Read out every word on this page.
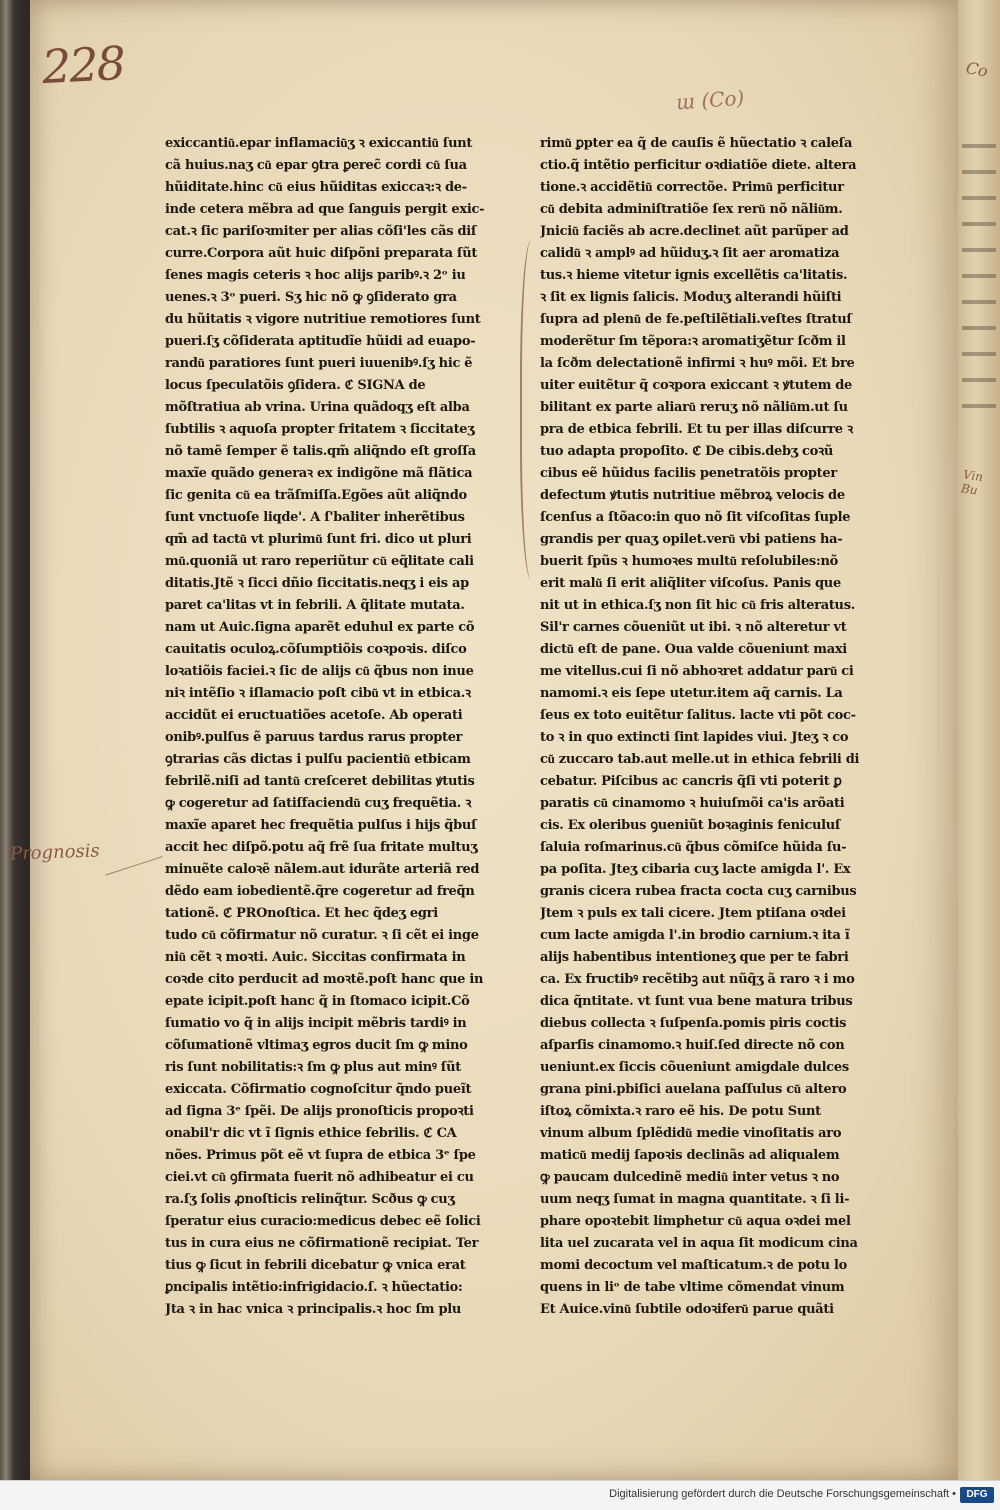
228
ɯ (Co)
Prognosis
Vin Bu
Co
exiccantiu͂.epar inflamaciu͂ʒ ꝛ exiccantiu͂ ſunt
cã huius.naʒ cu͂ epar ꝯtra ꝑerec̃ cordi cu͂ ſua
hũiditate.hinc cu͂ eius hũiditas exiccaꝛ:ꝛ de-
inde cetera mẽbra ad que ſanguis pergit exic-
cat.ꝛ ſic pariſoꝛmiter per alias cõſi'les cãs diſ
curre.Corpora aũt huic diſpõni preparata ſũt
ſenes magis ceteris ꝛ hoc alijs paribꝰ.ꝛ 2ᵒ iu
uenes.ꝛ 3ᵒ pueri. Sʒ hic nõ ꝙ ꝯſiderato gra
du hũitatis ꝛ vigore nutritiue remotiores ſunt
pueri.ſʒ cõſiderata aptitudĩe hũidi ad euapo-
randu͂ paratiores ſunt pueri iuuenibꝰ.ſʒ hic ẽ
locus ſpeculatõis ꝯſidera. ℭ SIGNA de
mõſtratiua ab vrina. Urina quãdoqʒ eſt alba
ſubtilis ꝛ aquoſa propter fritatem ꝛ ſiccitateʒ
nõ tamẽ ſemper ẽ talis.qm̃ aliq̃ndo eſt groſſa
maxĩe quãdo generaꝛ ex indigõne mã flãtica
ſic genita cu͂ ea trãſmiſſa.Egões aũt aliq̃ndo
ſunt vnctuoſe liqde'. A ſ'baliter inherẽtibus
qm̃ ad tactu͂ vt plurimu͂ ſunt fri. dico ut pluri
mu͂.quoniã ut raro reperiũtur cu͂ eq̃litate cali
ditatis.Jtẽ ꝛ ſicci dñio ſiccitatis.neqʒ i eis ap
paret ca'litas vt in febrili. A q̃litate mutata.
nam ut Auic.ſigna aparẽt eduhul ex parte cõ
cauitatis oculoꝝ.cõſumptiõis coꝛpoꝛis. diſco
loꝛatiõis faciei.ꝛ ſic de alijs cu͂ q̃bus non inue
niꝛ intẽſio ꝛ iſlamacio poſt cibu͂ vt in etbica.ꝛ
accidũt ei eructuatiões acetoſe. Ab operati
onibꝰ.pulſus ẽ paruus tardus rarus propter
ꝯtrarias cãs dictas i pulſu pacientiu͂ etbicam
febrilẽ.niſi ad tantu͂ creſceret debilitas ꝟtutis
ꝙ cogeretur ad ſatiſfaciendu͂ cuʒ frequẽtia. ꝛ
maxĩe aparet hec frequẽtia pulſus i hijs q̃buſ
accit hec diſpõ.potu aq̃ frẽ ſua fritate multuʒ
minuẽte caloꝛẽ nãlem.aut idurãte arteriã red
dẽdo eam iobedientẽ.q̃re cogeretur ad freq̃n
tationẽ. ℭ PROnoſtica. Et hec q̃deʒ egri
tudo cu͂ cõfirmatur nõ curatur. ꝛ ſi cẽt ei inge
niu͂ cẽt ꝛ moꝛti. Auic. Siccitas confirmata in
coꝛde cito perducit ad moꝛtẽ.poſt hanc que in
epate icipit.poſt hanc q̃ in ſtomaco icipit.Cõ
ſumatio vo q̃ in alijs incipit mẽbris tardiꝰ in
cõſumationẽ vltimaʒ egros ducit ſm ꝙ mino
ris ſunt nobilitatis:ꝛ ſm ꝙ plus aut minꝰ ſũt
exiccata. Cõfirmatio cognoſcitur q̃ndo pueĩt
ad ſigna 3ᵉ ſpẽi. De alijs pronoſticis propoꝛti
onabil'r dic vt ĩ ſignis ethice febrilis. ℭ CA
nões. Primus põt eẽ vt ſupra de etbica 3ᵉ ſpe
ciei.vt cu͂ ꝯfirmata fuerit nõ adhibeatur ei cu
ra.ſʒ ſolis ꝓnoſticis relinq̃tur. Scðus ꝙ cuʒ
ſperatur eius curacio:medicus debec eẽ ſolici
tus in cura eius ne cõfirmationẽ recipiat. Ter
tius ꝙ ſicut in febrili dicebatur ꝙ vnica erat
ꝑncipalis intẽtio:infrigidacio.ſ. ꝛ hũectatio:
Jta ꝛ in hac vnica ꝛ principalis.ꝛ hoc ſm plu
rimu͂ ꝑpter ea q̃ de cauſis ẽ hũectatio ꝛ caleſa
ctio.q̃ intẽtio perficitur oꝛdiatiõe diete. altera
tione.ꝛ accidẽtiu͂ correctõe. Primu͂ perficitur
cu͂ debita adminiſtratiõe ſex reru͂ nõ nãliu͂m.
Jniciu͂ faciẽs ab acre.declinet aũt parũper ad
calidu͂ ꝛ amplꝰ ad hũiduʒ.ꝛ ſit aer aromatiza
tus.ꝛ hieme vitetur ignis excellẽtis ca'litatis.
ꝛ ſit ex lignis ſalicis. Moduʒ alterandi hũiſti
ſupra ad plenu͂ de fe.peſtilẽtiali.veſtes ſtratuſ
moderẽtur ſm tẽpora:ꝛ aromatiʒẽtur ſcðm il
la ſcðm delectationẽ infirmi ꝛ huꝰ mõi. Et bre
uiter euitẽtur q̃ coꝛpora exiccant ꝛ ꝟtutem de
bilitant ex parte aliaru͂ reruʒ nõ nãliu͂m.ut ſu
pra de etbica febrili. Et tu per illas diſcurre ꝛ
tuo adapta propoſito. ℭ De cibis.debʒ coꝛũ
cibus eẽ hũidus facilis penetratõis propter
defectum ꝟtutis nutritiue mẽbroꝝ velocis de
ſcenſus a ſtõaco:in quo nõ ſit viſcoſitas ſuple
grandis per quaʒ opilet.veru͂ vbi patiens ha-
buerit ſpũs ꝛ humoꝛes multu͂ reſolubiles:nõ
erit malu͂ ſi erit aliq̃liter viſcoſus. Panis que
nit ut in ethica.ſʒ non ſit hic cu͂ fris alteratus.
Sil'r carnes cõueniũt ut ibi. ꝛ nõ alteretur vt
dictu͂ eſt de pane. Oua valde cõueniunt maxi
me vitellus.cui ſi nõ abhoꝛret addatur paru͂ ci
namomi.ꝛ eis ſepe utetur.item aq̃ carnis. La
ſeus ex toto euitẽtur ſalitus. lacte vti põt coc-
to ꝛ in quo extincti ſint lapides viui. Jteʒ ꝛ co
cu͂ zuccaro tab.aut melle.ut in ethica febrili di
cebatur. Piſcibus ac cancris q̃ſi vti poterit ꝑ
paratis cu͂ cinamomo ꝛ huiuſmõi ca'is arõati
cis. Ex oleribus ꝯueniũt boꝛaginis feniculuſ
ſaluia roſmarinus.cu͂ q̃bus cõmiſce hũida ſu-
pa poſita. Jteʒ cibaria cuʒ lacte amigda l'. Ex
granis cicera rubea fracta cocta cuʒ carnibus
Jtem ꝛ puls ex tali cicere. Jtem ptiſana oꝛdei
cum lacte amigda l'.in brodio carnium.ꝛ ita ĩ
alijs habentibus intentioneʒ que per te fabri
ca. Ex fructibꝰ recẽtibꝫ aut nũq̃ʒ ã raro ꝛ i mo
dica q̃ntitate. vt ſunt vua bene matura tribus
diebus collecta ꝛ ſuſpenſa.pomis piris coctis
aſparſis cinamomo.ꝛ huiſ.ſed directe nõ con
ueniunt.ex ſiccis cõueniunt amigdale dulces
grana pini.pbiſici auelana paſſulus cu͂ altero
iſtoꝝ cõmixta.ꝛ raro eẽ his. De potu Sunt
vinum album ſplẽdidu͂ medie vinoſitatis aro
maticu͂ medij ſapoꝛis declinãs ad aliqualem
ꝙ paucam dulcedinẽ mediu͂ inter vetus ꝛ no
uum neqʒ ſumat in magna quantitate. ꝛ ſi li-
phare opoꝛtebit limphetur cu͂ aqua oꝛdei mel
lita uel zucarata vel in aqua ſit modicum cina
momi decoctum vel maſticatum.ꝛ de potu lo
quens in liᵒ de tabe vltime cõmendat vinum
Et Auice.vinu͂ ſubtile odoꝛiferu͂ parue quãti
Digitalisierung gefördert durch die Deutsche Forschungsgemeinschaft •	DFG
